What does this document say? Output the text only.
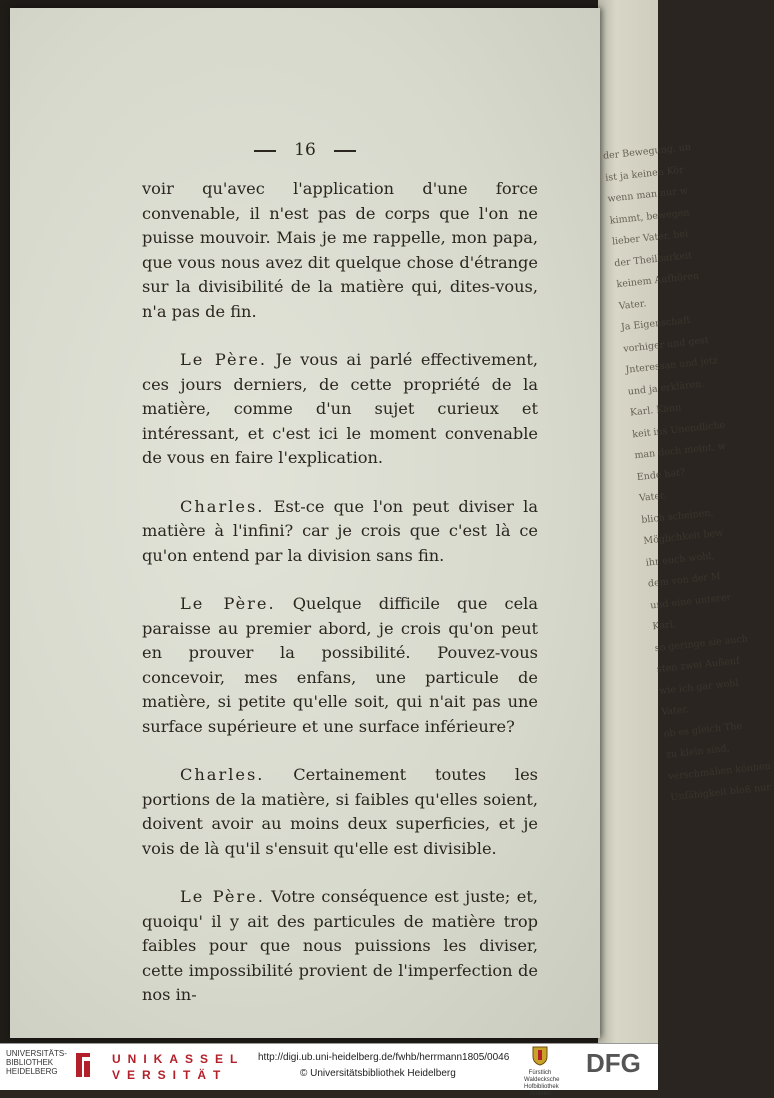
der Bewegung, un
ist ja keinen Kör
wenn man nur w
kimmt, bewegen
lieber Vater, bei
der Theilbarkeit
keinem Aufhören
Vater.
Ja Eigenschaft
vorhiger und gest
Jnteressan und jetz
und ja erklären.
Karl. Kann
keit ins Unendliche
man doch meint, w
Ende hat?
Vater.
blich scheinen,
Möglichkeit bew
ihr euch wohl,
dem von der M
und eine unterer
Karl.
so geringe sie auch
sten zwei Außenf
wie ich gar wohl
Vater.
ob es gleich The
zu klein sind,
verschmähen können
Unfähigkeit bloß nur
16

voir qu'avec l'application d'une force convenable, il n'est pas de corps que l'on ne puisse mouvoir. Mais je me rappelle, mon papa, que vous nous avez dit quelque chose d'étrange sur la divisibilité de la matière qui, dites-vous, n'a pas de fin.

Le Père. Je vous ai parlé effectivement, ces jours derniers, de cette propriété de la matière, comme d'un sujet curieux et intéressant, et c'est ici le moment convenable de vous en faire l'explication.

Charles. Est-ce que l'on peut diviser la matière à l'infini? car je crois que c'est là ce qu'on entend par la division sans fin.

Le Père. Quelque difficile que cela paraisse au premier abord, je crois qu'on peut en prouver la possibilité. Pouvez-vous concevoir, mes enfans, une particule de matière, si petite qu'elle soit, qui n'ait pas une surface supérieure et une surface inférieure?

Charles. Certainement toutes les portions de la matière, si faibles qu'elles soient, doivent avoir au moins deux superficies, et je vois de là qu'il s'ensuit qu'elle est divisible.

Le Père. Votre conséquence est juste; et, quoiqu' il y ait des particules de matière trop faibles pour que nous puissions les diviser, cette impossibilité provient de l'imperfection de nos in-

UNIVERSITÄTS-
BIBLIOTHEK
HEIDELBERG
UNIKASSEL
VERSITÄT
http://digi.ub.uni-heidelberg.de/fwhb/herrmann1805/0046
© Universitätsbibliothek Heidelberg	Fürstlich Waldecksche Hofbibliothek Arolsen
DFG
